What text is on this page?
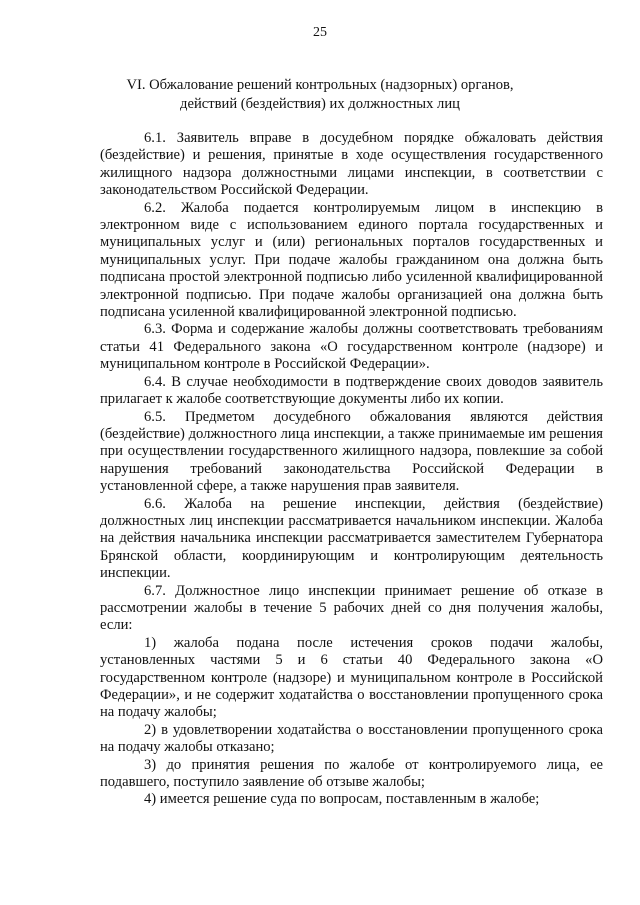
25
VI. Обжалование решений контрольных (надзорных) органов,
действий (бездействия) их должностных лиц

6.1. Заявитель вправе в досудебном порядке обжаловать действия (бездействие) и решения, принятые в ходе осуществления государственного жилищного надзора должностными лицами инспекции, в соответствии с законодательством Российской Федерации.

6.2. Жалоба подается контролируемым лицом в инспекцию в электронном виде с использованием единого портала государственных и муниципальных услуг и (или) региональных порталов государственных и муниципальных услуг. При подаче жалобы гражданином она должна быть подписана простой электронной подписью либо усиленной квалифицированной электронной подписью. При подаче жалобы организацией она должна быть подписана усиленной квалифицированной электронной подписью.

6.3. Форма и содержание жалобы должны соответствовать требованиям статьи 41 Федерального закона «О государственном контроле (надзоре) и муниципальном контроле в Российской Федерации».

6.4. В случае необходимости в подтверждение своих доводов заявитель прилагает к жалобе соответствующие документы либо их копии.

6.5. Предметом досудебного обжалования являются действия (бездействие) должностного лица инспекции, а также принимаемые им решения при осуществлении государственного жилищного надзора, повлекшие за собой нарушения требований законодательства Российской Федерации в установленной сфере, а также нарушения прав заявителя.

6.6. Жалоба на решение инспекции, действия (бездействие) должностных лиц инспекции рассматривается начальником инспекции. Жалоба на действия начальника инспекции рассматривается заместителем Губернатора Брянской области, координирующим и контролирующим деятельность инспекции.

6.7. Должностное лицо инспекции принимает решение об отказе в рассмотрении жалобы в течение 5 рабочих дней со дня получения жалобы, если:

1) жалоба подана после истечения сроков подачи жалобы, установленных частями 5 и 6 статьи 40 Федерального закона «О государственном контроле (надзоре) и муниципальном контроле в Российской Федерации», и не содержит ходатайства о восстановлении пропущенного срока на подачу жалобы;

2) в удовлетворении ходатайства о восстановлении пропущенного срока на подачу жалобы отказано;

3) до принятия решения по жалобе от контролируемого лица, ее подавшего, поступило заявление об отзыве жалобы;

4) имеется решение суда по вопросам, поставленным в жалобе;
